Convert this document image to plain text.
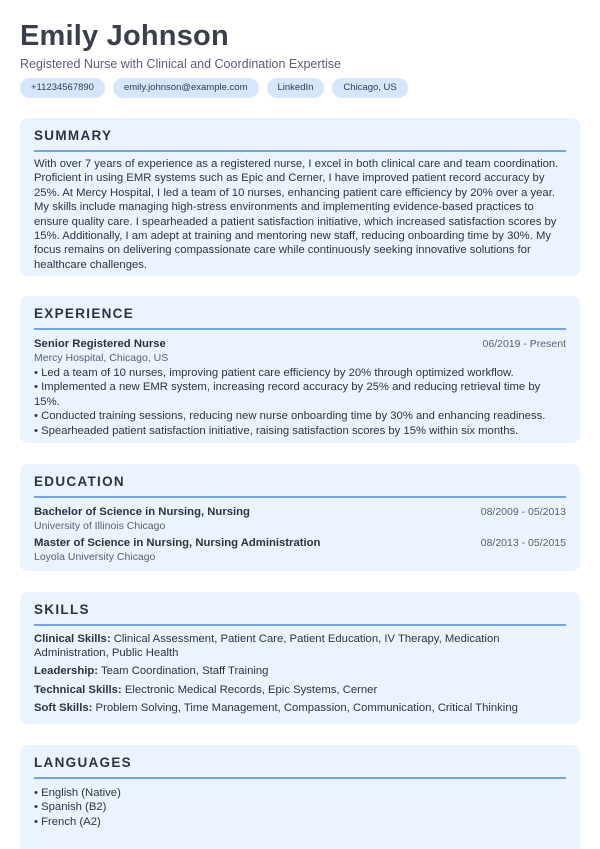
Emily Johnson
Registered Nurse with Clinical and Coordination Expertise
+11234567890	emily.johnson@example.com	LinkedIn	Chicago, US
SUMMARY
With over 7 years of experience as a registered nurse, I excel in both clinical care and team coordination. Proficient in using EMR systems such as Epic and Cerner, I have improved patient record accuracy by 25%. At Mercy Hospital, I led a team of 10 nurses, enhancing patient care efficiency by 20% over a year. My skills include managing high-stress environments and implementing evidence-based practices to ensure quality care. I spearheaded a patient satisfaction initiative, which increased satisfaction scores by 15%. Additionally, I am adept at training and mentoring new staff, reducing onboarding time by 30%. My focus remains on delivering compassionate care while continuously seeking innovative solutions for healthcare challenges.
EXPERIENCE
Senior Registered Nurse	06/2019 - Present
Mercy Hospital, Chicago, US
• Led a team of 10 nurses, improving patient care efficiency by 20% through optimized workflow.
• Implemented a new EMR system, increasing record accuracy by 25% and reducing retrieval time by 15%.
• Conducted training sessions, reducing new nurse onboarding time by 30% and enhancing readiness.
• Spearheaded patient satisfaction initiative, raising satisfaction scores by 15% within six months.
EDUCATION
Bachelor of Science in Nursing, Nursing	08/2009 - 05/2013
University of Illinois Chicago
Master of Science in Nursing, Nursing Administration	08/2013 - 05/2015
Loyola University Chicago
SKILLS
Clinical Skills: Clinical Assessment, Patient Care, Patient Education, IV Therapy, Medication Administration, Public Health
Leadership: Team Coordination, Staff Training
Technical Skills: Electronic Medical Records, Epic Systems, Cerner
Soft Skills: Problem Solving, Time Management, Compassion, Communication, Critical Thinking
LANGUAGES
• English (Native)
• Spanish (B2)
• French (A2)
